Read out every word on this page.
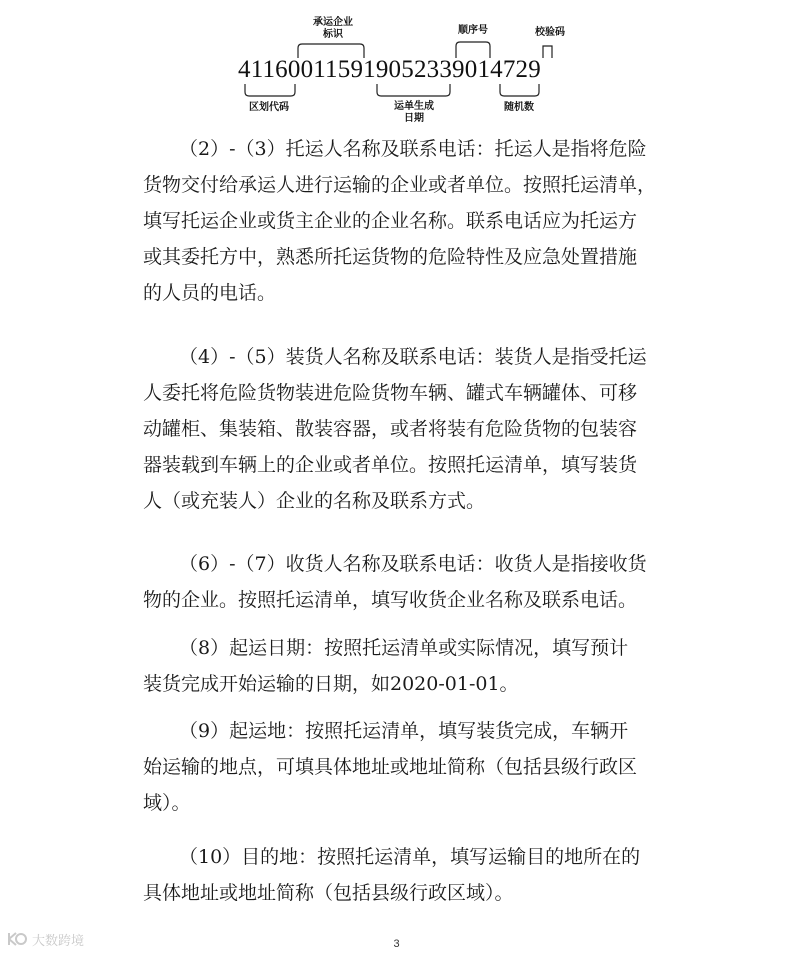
411600115919052339014729
承运企业
标识	顺序号	校验码
区划代码	运单生成
日期
随机数

（2）-（3）托运人名称及联系电话：托运人是指将危险

货物交付给承运人进行运输的企业或者单位。按照托运清单，

填写托运企业或货主企业的企业名称。联系电话应为托运方

或其委托方中，熟悉所托运货物的危险特性及应急处置措施

的人员的电话。

（4）-（5）装货人名称及联系电话：装货人是指受托运

人委托将危险货物装进危险货物车辆、罐式车辆罐体、可移

动罐柜、集装箱、散装容器，或者将装有危险货物的包装容

器装载到车辆上的企业或者单位。按照托运清单，填写装货

人（或充装人）企业的名称及联系方式。

（6）-（7）收货人名称及联系电话：收货人是指接收货

物的企业。按照托运清单，填写收货企业名称及联系电话。

（8）起运日期：按照托运清单或实际情况，填写预计

装货完成开始运输的日期，如2020-01-01。

（9）起运地：按照托运清单，填写装货完成，车辆开

始运输的地点，可填具体地址或地址简称（包括县级行政区

域）。

（10）目的地：按照托运清单，填写运输目的地所在的

具体地址或地址简称（包括县级行政区域）。

3
大数跨境
